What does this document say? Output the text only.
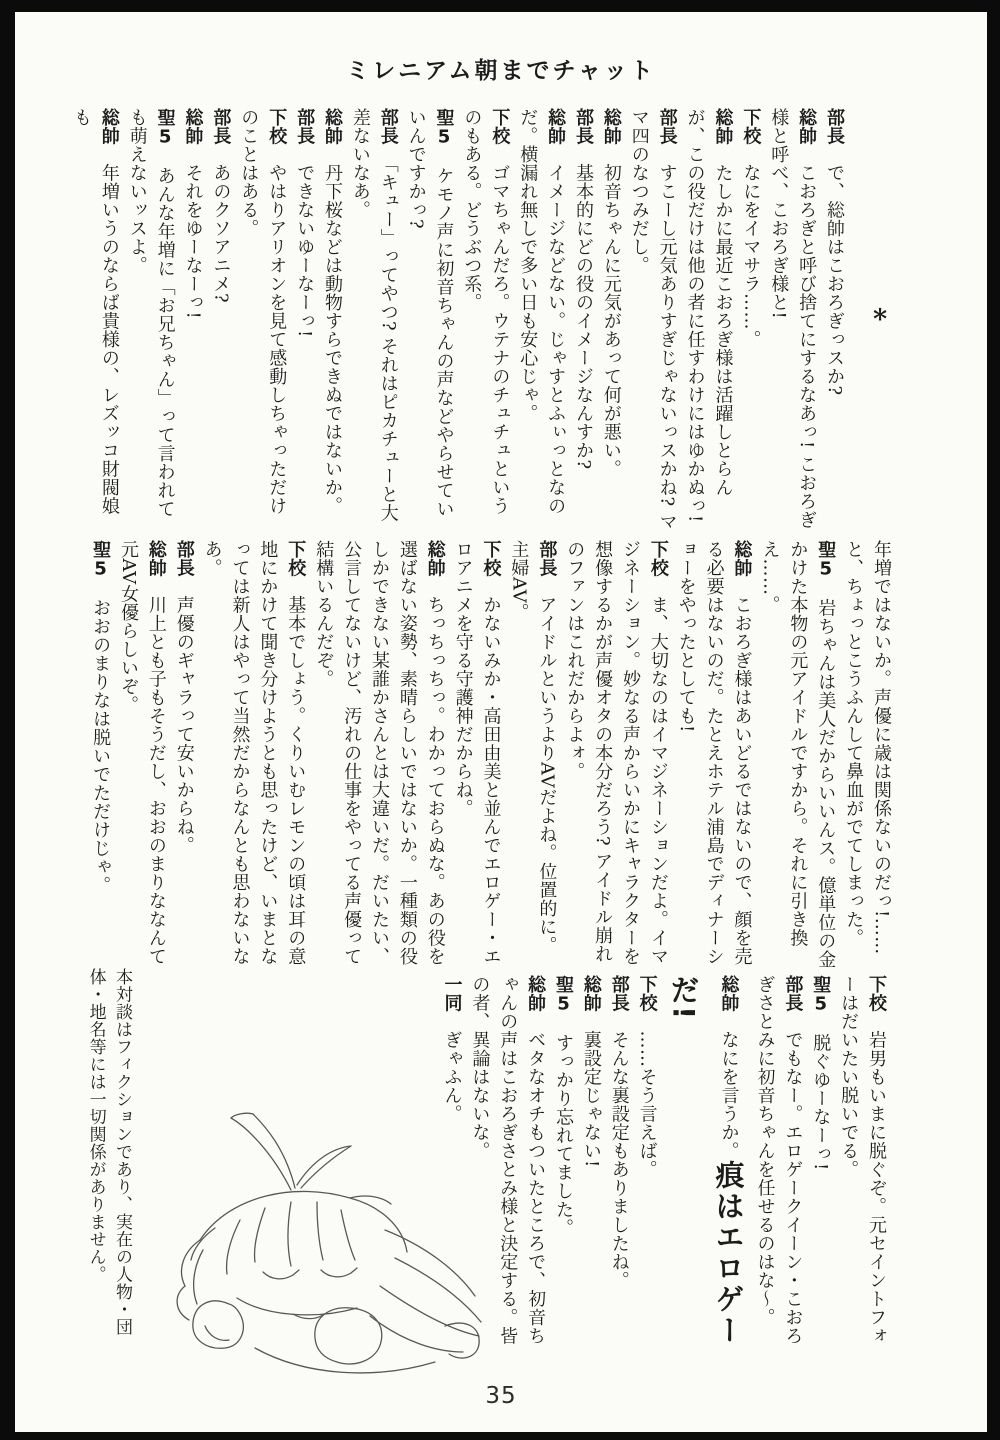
ミレニアム朝までチャット
*

部長　で、総帥はこおろぎっスか?

総帥　こおろぎと呼び捨てにするなあっ! こおろぎ様と呼べ、こおろぎ様と!

下校　なにをイマサラ……。

総帥　たしかに最近こおろぎ様は活躍しとらんが、この役だけは他の者に任すわけにはゆかぬっ!

部長　すこーし元気ありすぎじゃないっスかね? ママ四のなつみだし。

総帥　初音ちゃんに元気があって何が悪い。

部長　基本的にどの役のイメージなんすか?

総帥　イメージなどない。じゃすとふぃっとなのだ。横漏れ無しで多い日も安心じゃ。

下校　ゴマちゃんだろ。ウテナのチュチュというのもある。どうぶつ系。

聖5　ケモノ声に初音ちゃんの声などやらせていいんですかっ?

部長　「キュー」ってやつ? それはピカチューと大差ないなあ。

総帥　丹下桜などは動物すらできぬではないか。

部長　できないゆーなーっ!

下校　やはりアリオンを見て感動しちゃっただけのことはある。

部長　あのクソアニメ?

総帥　それをゆーなーっ!

聖5　あんな年増に「お兄ちゃん」って言われても萌えないッスよ。

総帥　年増いうのならば貴様の、レズッコ財閥娘も

年増ではないか。声優に歳は関係ないのだっ!……と、ちょっとこうふんして鼻血がでてしまった。

聖5　岩ちゃんは美人だからいいんス。億単位の金かけた本物の元アイドルですから。それに引き換え……。

総帥　こおろぎ様はあいどるではないので、顔を売る必要はないのだ。たとえホテル浦島でディナーショーをやったとしても!

下校　ま、大切なのはイマジネーションだよ。イマジネーション。妙なる声からいかにキャラクターを想像するかが声優オタの本分だろう? アイドル崩れのファンはこれだからよォ。

部長　アイドルというよりAVだよね。位置的に。主婦AV。

下校　かないみか・高田由美と並んでエロゲー・エロアニメを守る守護神だからね。

総帥　ちっちっちっ。わかっておらぬな。あの役を選ばない姿勢、素晴らしいではないか。一種類の役しかできない某誰かさんとは大違いだ。だいたい、公言してないけど、汚れの仕事をやってる声優って結構いるんだぞ。

下校　基本でしょう。くりいむレモンの頃は耳の意地にかけて聞き分けようとも思ったけど、いまとなっては新人はやって当然だからなんとも思わないなあ。

部長　声優のギャラって安いからね。

総帥　川上とも子もそうだし、おおのまりななんて元AV女優らしいぞ。

聖5　おおのまりなは脱いでただけじゃ。

下校　岩男もいまに脱ぐぞ。元セイントフォーはだいたい脱いでる。

聖5　脱ぐゆーなーっ!

部長　でもなー。エロゲークイーン・こおろぎさとみに初音ちゃんを任せるのはな〜。

総帥　なにを言うか。痕はエロゲーだ!

下校　……そう言えば。

部長　そんな裏設定もありましたね。

総帥　裏設定じゃない!

聖5　すっかり忘れてました。

総帥　ベタなオチもついたところで、初音ちゃんの声はこおろぎさとみ様と決定する。皆の者、異論はないな。

一同　ぎゃふん。

本対談はフィクションであり、実在の人物・団体・地名等には一切関係がありません。

35
